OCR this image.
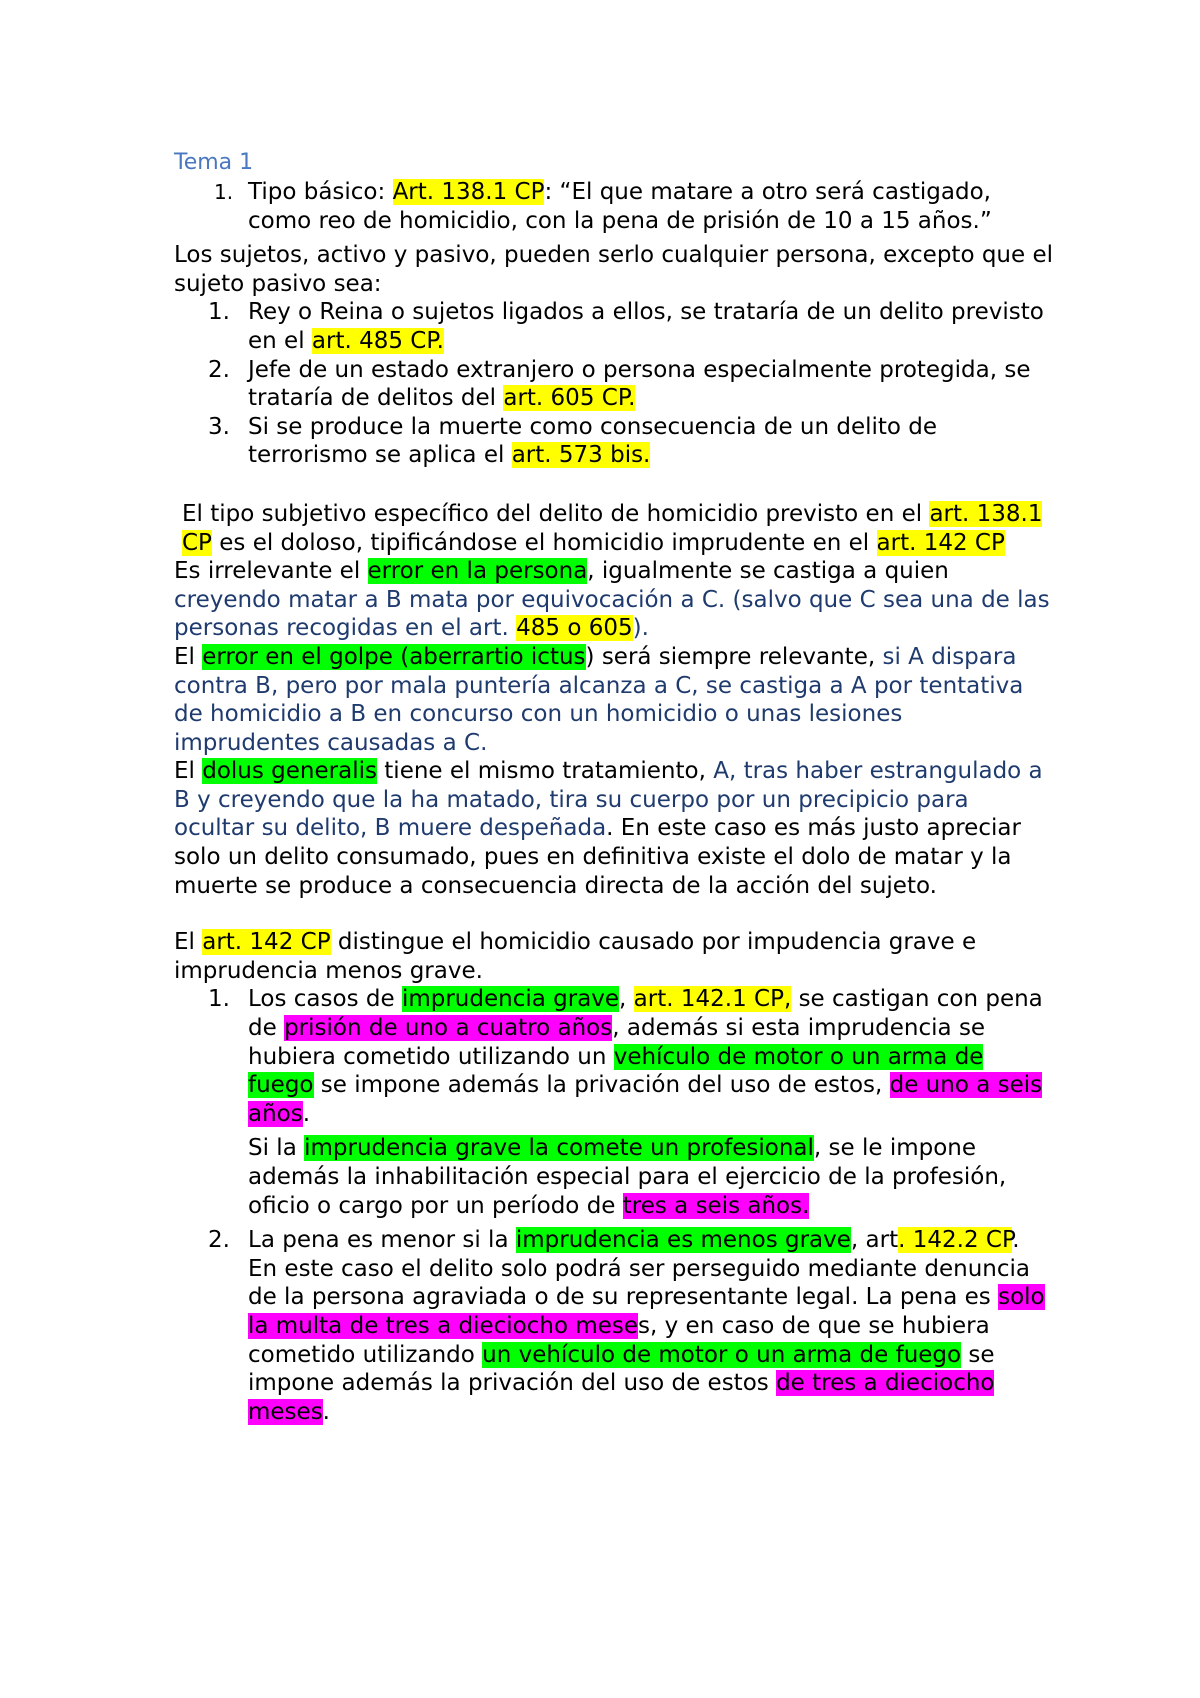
Tema 1
1. Tipo básico: Art. 138.1 CP: “El que matare a otro será castigado, como reo de homicidio, con la pena de prisión de 10 a 15 años.”
Los sujetos, activo y pasivo, pueden serlo cualquier persona, excepto que el sujeto pasivo sea:
1. Rey o Reina o sujetos ligados a ellos, se trataría de un delito previsto en el art. 485 CP.
2. Jefe de un estado extranjero o persona especialmente protegida, se trataría de delitos del art. 605 CP.
3. Si se produce la muerte como consecuencia de un delito de terrorismo se aplica el art. 573 bis.
El tipo subjetivo específico del delito de homicidio previsto en el art. 138.1 CP es el doloso, tipificándose el homicidio imprudente en el art. 142 CP
Es irrelevante el error en la persona, igualmente se castiga a quien creyendo matar a B mata por equivocación a C. (salvo que C sea una de las personas recogidas en el art. 485 o 605).
El error en el golpe (aberrartio ictus) será siempre relevante, si A dispara contra B, pero por mala puntería alcanza a C, se castiga a A por tentativa de homicidio a B en concurso con un homicidio o unas lesiones imprudentes causadas a C.
El dolus generalis tiene el mismo tratamiento, A, tras haber estrangulado a B y creyendo que la ha matado, tira su cuerpo por un precipicio para ocultar su delito, B muere despeñada. En este caso es más justo apreciar solo un delito consumado, pues en definitiva existe el dolo de matar y la muerte se produce a consecuencia directa de la acción del sujeto.
El art. 142 CP distingue el homicidio causado por impudencia grave e imprudencia menos grave.
1. Los casos de imprudencia grave, art. 142.1 CP, se castigan con pena de prisión de uno a cuatro años, además si esta imprudencia se hubiera cometido utilizando un vehículo de motor o un arma de fuego se impone además la privación del uso de estos, de uno a seis años.
Si la imprudencia grave la comete un profesional, se le impone además la inhabilitación especial para el ejercicio de la profesión, oficio o cargo por un período de tres a seis años.
2. La pena es menor si la imprudencia es menos grave, art. 142.2 CP. En este caso el delito solo podrá ser perseguido mediante denuncia de la persona agraviada o de su representante legal. La pena es solo la multa de tres a dieciocho meses, y en caso de que se hubiera cometido utilizando un vehículo de motor o un arma de fuego se impone además la privación del uso de estos de tres a dieciocho meses.
